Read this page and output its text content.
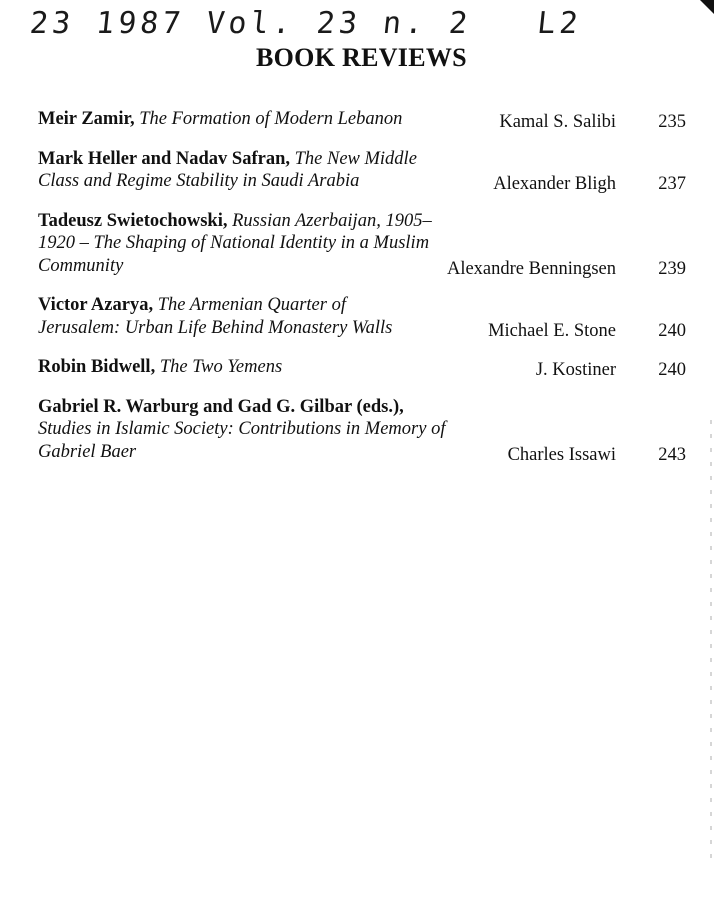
23 1987 Vol. 23 n. 2   L2
BOOK REVIEWS
Meir Zamir, The Formation of Modern Lebanon	Kamal S. Salibi	235
Mark Heller and Nadav Safran, The New Middle Class and Regime Stability in Saudi Arabia	Alexander Bligh	237
Tadeusz Swietochowski, Russian Azerbaijan, 1905–1920 – The Shaping of National Identity in a Muslim Community	Alexandre Benningsen	239
Victor Azarya, The Armenian Quarter of Jerusalem: Urban Life Behind Monastery Walls	Michael E. Stone	240
Robin Bidwell, The Two Yemens	J. Kostiner	240
Gabriel R. Warburg and Gad G. Gilbar (eds.), Studies in Islamic Society: Contributions in Memory of Gabriel Baer	Charles Issawi	243
